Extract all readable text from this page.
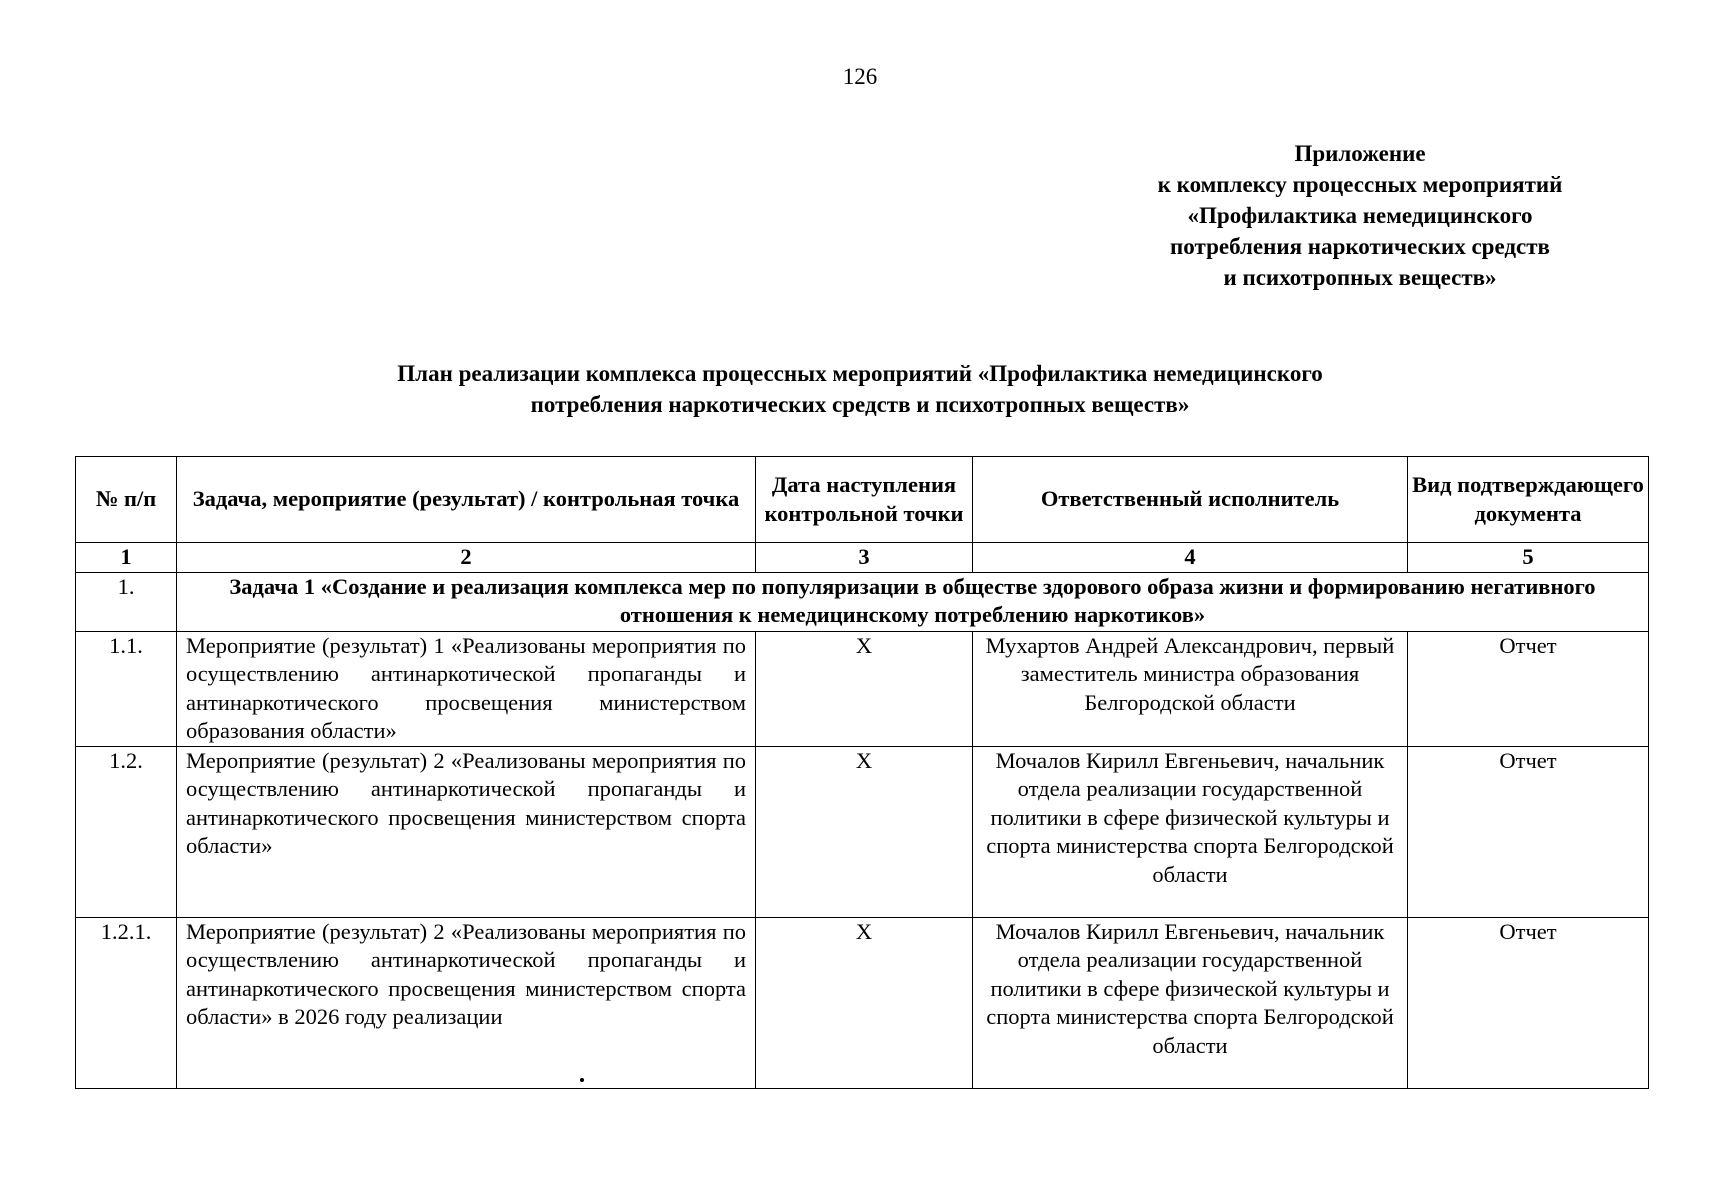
126
Приложение
к комплексу процессных мероприятий
«Профилактика немедицинского
потребления наркотических средств
и психотропных веществ»
План реализации комплекса процессных мероприятий «Профилактика немедицинского
потребления наркотических средств и психотропных веществ»
№ п/п	Задача, мероприятие (результат) / контрольная точка	Дата наступления контрольной точки	Ответственный исполнитель	Вид подтверждающего документа
1	2	3	4	5
1.	Задача 1 «Создание и реализация комплекса мер по популяризации в обществе здорового образа жизни и формированию негативного отношения к немедицинскому потреблению наркотиков»			
1.1.	Мероприятие (результат) 1 «Реализованы мероприятия по осуществлению антинаркотической пропаганды и антинаркотического просвещения министерством образования области»	Х	Мухартов Андрей Александрович, первый заместитель министра образования Белгородской области	Отчет
1.2.	Мероприятие (результат) 2 «Реализованы мероприятия по осуществлению антинаркотической пропаганды и антинаркотического просвещения министерством спорта области»	Х	Мочалов Кирилл Евгеньевич, начальник отдела реализации государственной политики в сфере физической культуры и спорта министерства спорта Белгородской области	Отчет
1.2.1.	Мероприятие (результат) 2 «Реализованы мероприятия по осуществлению антинаркотической пропаганды и антинаркотического просвещения министерством спорта области» в 2026 году реализации	Х	Мочалов Кирилл Евгеньевич, начальник отдела реализации государственной политики в сфере физической культуры и спорта министерства спорта Белгородской области	Отчет
